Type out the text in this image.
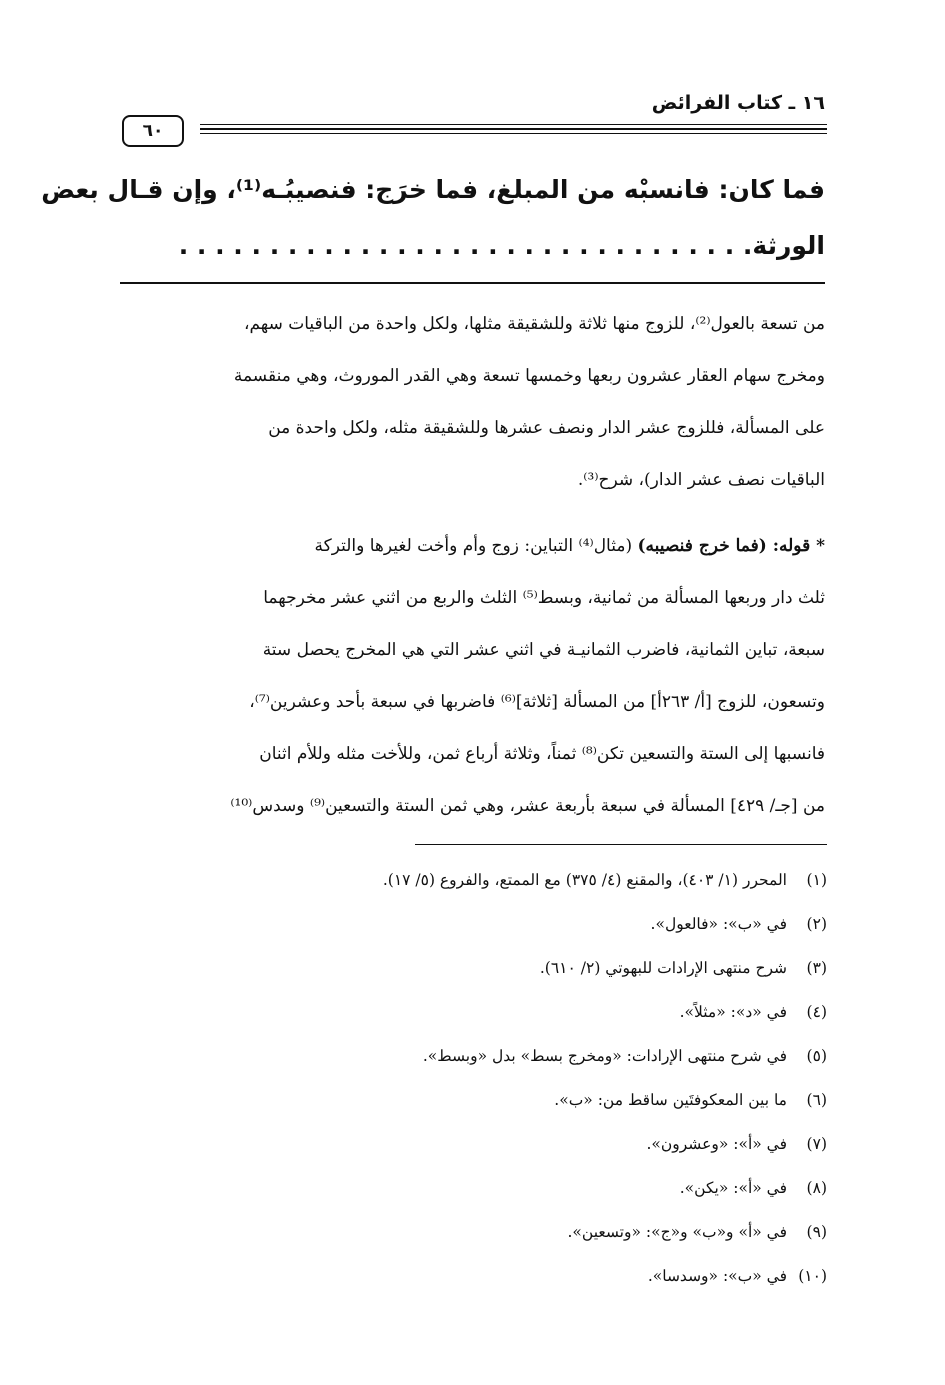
١٦ ـ كتاب الفرائض
٦٠
فما كان: فانسبْه من المبلغ، فما خرَج: فنصيبُـه⁽¹⁾، وإن قـال بعض
الورثة. . . . . . . . . . . . . . . . . . . . . . . . . . . . . . . .
من تسعة بالعول⁽²⁾، للزوج منها ثلاثة وللشقيقة مثلها، ولكل واحدة من الباقيات سهم،
ومخرج سهام العقار عشرون ربعها وخمسها تسعة وهي القدر الموروث، وهي منقسمة
على المسألة، فللزوج عشر الدار ونصف عشرها وللشقيقة مثله، ولكل واحدة من
الباقيات نصف عشر الدار)، شرح⁽³⁾.
* قوله: (فما خرج فنصيبه) (مثال⁽⁴⁾ التباين: زوج وأم وأخت لغيرها والتركة
ثلث دار وربعها المسألة من ثمانية، وبسط⁽⁵⁾ الثلث والربع من اثني عشر مخرجهما
سبعة، تباين الثمانية، فاضرب الثمانيـة في اثني عشر التي هي المخرج يحصل ستة
وتسعون، للزوج [أ/ ٢٦٣أ] من المسألة [ثلاثة]⁽⁶⁾ فاضربها في سبعة بأحد وعشرين⁽⁷⁾،
فانسبها إلى الستة والتسعين تكن⁽⁸⁾ ثمناً، وثلاثة أرباع ثمن، وللأخت مثله وللأم اثنان
من [جـ/ ٤٢٩] المسألة في سبعة بأربعة عشر، وهي ثمن الستة والتسعين⁽⁹⁾ وسدس⁽¹⁰⁾
(١)المحرر (١/ ٤٠٣)، والمقنع (٤/ ٣٧٥) مع الممتع، والفروع (٥/ ١٧).
(٢)في «ب»: «فالعول».
(٣)شرح منتهى الإرادات للبهوتي (٢/ ٦١٠).
(٤)في «د»: «مثلاً».
(٥)في شرح منتهى الإرادات: «ومخرج بسط» بدل «وبسط».
(٦)ما بين المعكوفتَين ساقط من: «ب».
(٧)في «أ»: «وعشرون».
(٨)في «أ»: «يكن».
(٩)في «أ» و«ب» و«ج»: «وتسعين».
(١٠)في «ب»: «وسدسا».
